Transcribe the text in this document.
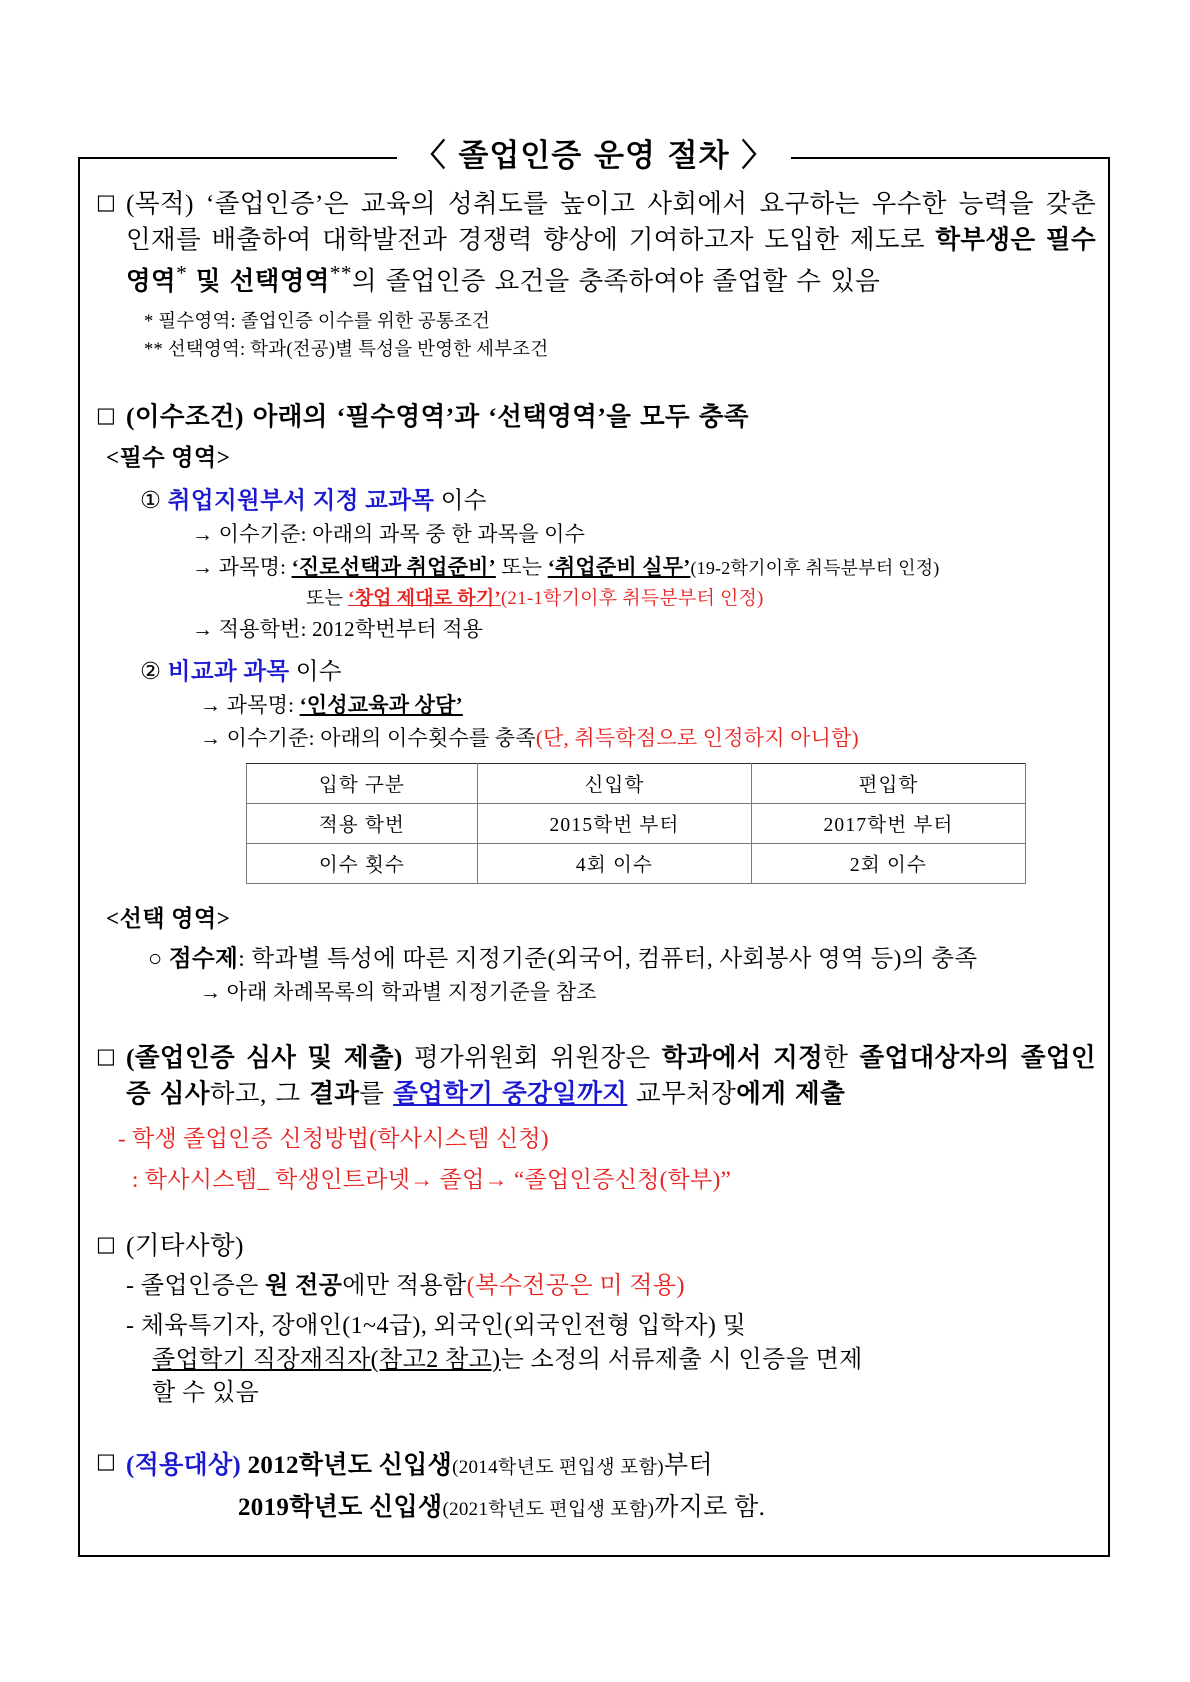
〈 졸업인증 운영 절차 〉
□ (목적) ‘졸업인증’은 교육의 성취도를 높이고 사회에서 요구하는 우수한 능력을 갖춘 인재를 배출하여 대학발전과 경쟁력 향상에 기여하고자 도입한 제도로 학부생은 필수영역* 및 선택영역**의 졸업인증 요건을 충족하여야 졸업할 수 있음

* 필수영역: 졸업인증 이수를 위한 공통조건

** 선택영역: 학과(전공)별 특성을 반영한 세부조건

□ (이수조건) 아래의 ‘필수영역’과 ‘선택영역’을 모두 충족

<필수 영역>
① 취업지원부서 지정 교과목 이수
→ 이수기준: 아래의 과목 중 한 과목을 이수
→ 과목명: ‘진로선택과 취업준비’ 또는 ‘취업준비 실무’(19-2학기이후 취득분부터 인정)
또는 ‘창업 제대로 하기’(21-1학기이후 취득분부터 인정)
→ 적용학번: 2012학번부터 적용
② 비교과 과목 이수
→ 과목명: ‘인성교육과 상담’
→ 이수기준: 아래의 이수횟수를 충족(단, 취득학점으로 인정하지 아니함)
입학 구분	신입학	편입학
적용 학번	2015학번 부터	2017학번 부터
이수 횟수	4회 이수	2회 이수
<선택 영역>
○ 점수제: 학과별 특성에 따른 지정기준(외국어, 컴퓨터, 사회봉사 영역 등)의 충족
→ 아래 차례목록의 학과별 지정기준을 참조
□ (졸업인증 심사 및 제출) 평가위원회 위원장은 학과에서 지정한 졸업대상자의 졸업인증 심사하고, 그 결과를 졸업학기 중강일까지 교무처장에게 제출

- 학생 졸업인증 신청방법(학사시스템 신청)
: 학사시스템_ 학생인트라넷→ 졸업→ “졸업인증신청(학부)”
□ (기타사항)

- 졸업인증은 원 전공에만 적용함(복수전공은 미 적용)
- 체육특기자, 장애인(1~4급), 외국인(외국인전형 입학자) 및
졸업학기 직장재직자(참고2 참고)는 소정의 서류제출 시 인증을 면제
할 수 있음
□ (적용대상) 2012학년도 신입생(2014학년도 편입생 포함)부터

2019학년도 신입생(2021학년도 편입생 포함)까지로 함.
